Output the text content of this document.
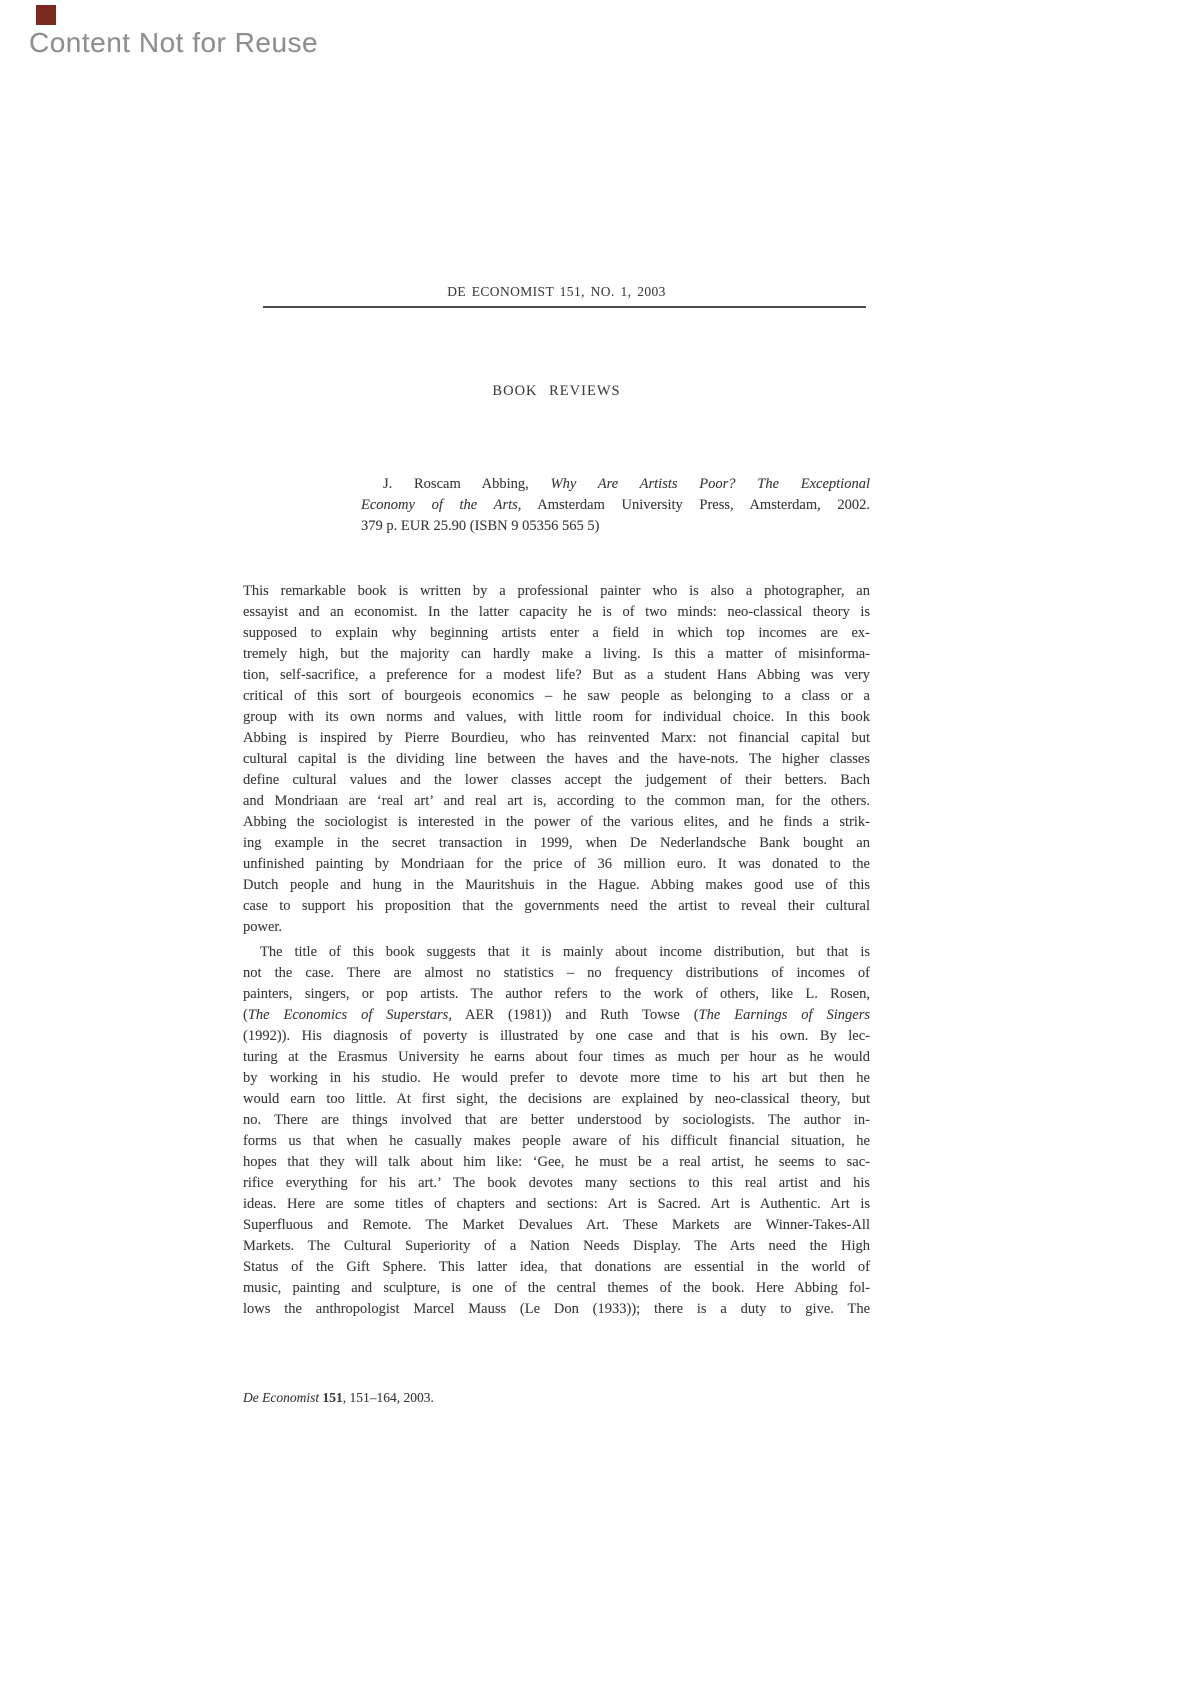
Content Not for Reuse
DE ECONOMIST 151, NO. 1, 2003
BOOK REVIEWS
J. Roscam Abbing, Why Are Artists Poor? The Exceptional
Economy of the Arts, Amsterdam University Press, Amsterdam, 2002.
379 p. EUR 25.90 (ISBN 9 05356 565 5)
This remarkable book is written by a professional painter who is also a photographer, an
essayist and an economist. In the latter capacity he is of two minds: neo-classical theory is
supposed to explain why beginning artists enter a field in which top incomes are ex-
tremely high, but the majority can hardly make a living. Is this a matter of misinforma-
tion, self-sacrifice, a preference for a modest life? But as a student Hans Abbing was very
critical of this sort of bourgeois economics – he saw people as belonging to a class or a
group with its own norms and values, with little room for individual choice. In this book
Abbing is inspired by Pierre Bourdieu, who has reinvented Marx: not financial capital but
cultural capital is the dividing line between the haves and the have-nots. The higher classes
define cultural values and the lower classes accept the judgement of their betters. Bach
and Mondriaan are ‘real art’ and real art is, according to the common man, for the others.
Abbing the sociologist is interested in the power of the various elites, and he finds a strik-
ing example in the secret transaction in 1999, when De Nederlandsche Bank bought an
unfinished painting by Mondriaan for the price of 36 million euro. It was donated to the
Dutch people and hung in the Mauritshuis in the Hague. Abbing makes good use of this
case to support his proposition that the governments need the artist to reveal their cultural
power.
The title of this book suggests that it is mainly about income distribution, but that is
not the case. There are almost no statistics – no frequency distributions of incomes of
painters, singers, or pop artists. The author refers to the work of others, like L. Rosen,
(The Economics of Superstars, AER (1981)) and Ruth Towse (The Earnings of Singers
(1992)). His diagnosis of poverty is illustrated by one case and that is his own. By lec-
turing at the Erasmus University he earns about four times as much per hour as he would
by working in his studio. He would prefer to devote more time to his art but then he
would earn too little. At first sight, the decisions are explained by neo-classical theory, but
no. There are things involved that are better understood by sociologists. The author in-
forms us that when he casually makes people aware of his difficult financial situation, he
hopes that they will talk about him like: ‘Gee, he must be a real artist, he seems to sac-
rifice everything for his art.’ The book devotes many sections to this real artist and his
ideas. Here are some titles of chapters and sections: Art is Sacred. Art is Authentic. Art is
Superfluous and Remote. The Market Devalues Art. These Markets are Winner-Takes-All
Markets. The Cultural Superiority of a Nation Needs Display. The Arts need the High
Status of the Gift Sphere. This latter idea, that donations are essential in the world of
music, painting and sculpture, is one of the central themes of the book. Here Abbing fol-
lows the anthropologist Marcel Mauss (Le Don (1933)); there is a duty to give. The
De Economist 151, 151–164, 2003.
